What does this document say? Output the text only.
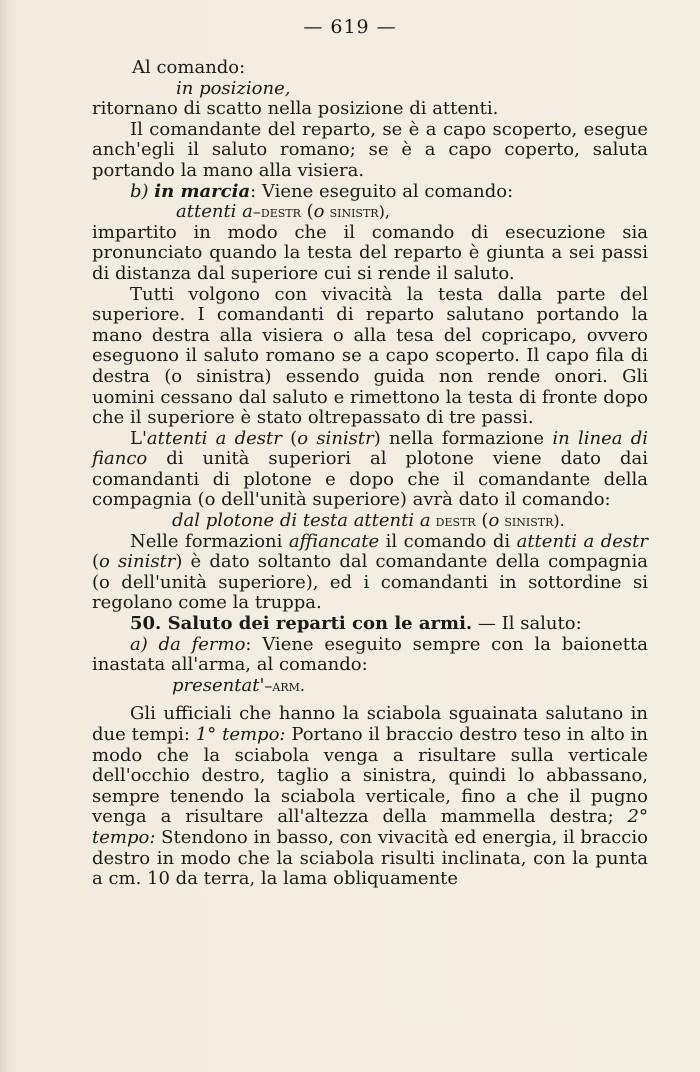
— 619 —

Al comando:

in posizione,

ritornano di scatto nella posizione di attenti.

Il comandante del reparto, se è a capo scoperto, esegue anch'egli il saluto romano; se è a capo coperto, saluta portando la mano alla visiera.

b) in marcia: Viene eseguito al comando:

attenti a–destr (o sinistr),

impartito in modo che il comando di esecuzione sia pronunciato quando la testa del reparto è giunta a sei passi di distanza dal superiore cui si rende il saluto.

Tutti volgono con vivacità la testa dalla parte del superiore. I comandanti di reparto salutano portando la mano destra alla visiera o alla tesa del copricapo, ovvero eseguono il saluto romano se a capo scoperto. Il capo fila di destra (o sinistra) essendo guida non rende onori. Gli uomini cessano dal saluto e rimettono la testa di fronte dopo che il superiore è stato oltrepassato di tre passi.

L'attenti a destr (o sinistr) nella formazione in linea di fianco di unità superiori al plotone viene dato dai comandanti di plotone e dopo che il comandante della compagnia (o dell'unità superiore) avrà dato il comando:

dal plotone di testa attenti a destr (o sinistr).

Nelle formazioni affiancate il comando di attenti a destr (o sinistr) è dato soltanto dal comandante della compagnia (o dell'unità superiore), ed i comandanti in sottordine si regolano come la truppa.

50. Saluto dei reparti con le armi. — Il saluto:

a) da fermo: Viene eseguito sempre con la baionetta inastata all'arma, al comando:

presentat'–arm.

Gli ufficiali che hanno la sciabola sguainata salutano in due tempi: 1° tempo: Portano il braccio destro teso in alto in modo che la sciabola venga a risultare sulla verticale dell'occhio destro, taglio a sinistra, quindi lo abbassano, sempre tenendo la sciabola verticale, fino a che il pugno venga a risultare all'altezza della mammella destra; 2° tempo: Stendono in basso, con vivacità ed energia, il braccio destro in modo che la sciabola risulti inclinata, con la punta a cm. 10 da terra, la lama obliquamente
